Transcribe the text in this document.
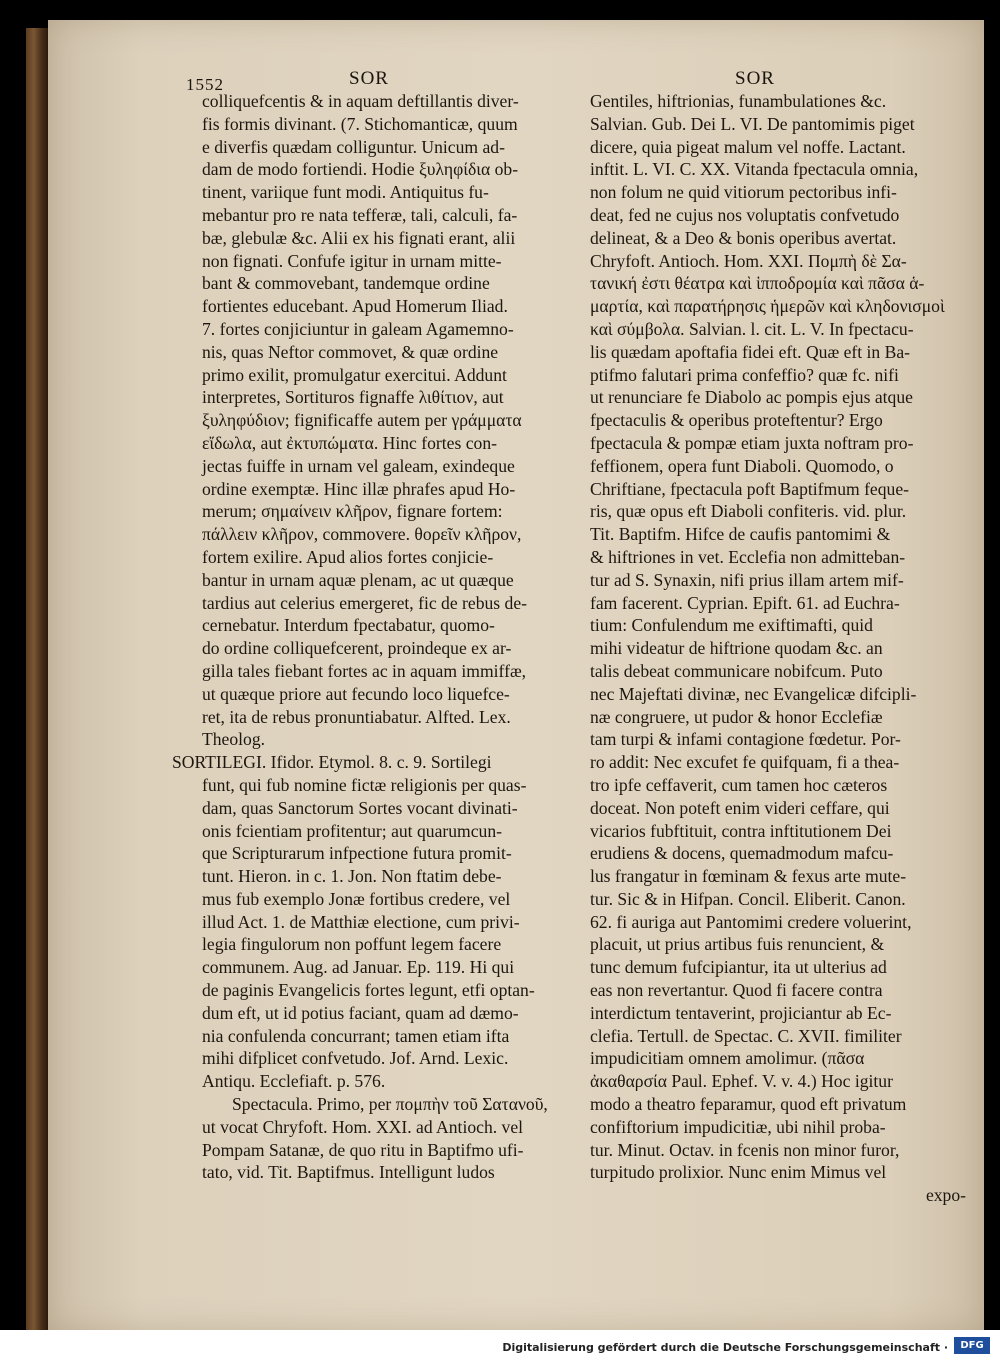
1552	SOR	SOR
colliquefcentis & in aquam deftillantis diver-
fis formis divinant. (7. Stichomanticæ, quum
e diverfis quædam colliguntur. Unicum ad-
dam de modo fortiendi. Hodie ξυληφίδια ob-
tinent, variique funt modi. Antiquitus fu-
mebantur pro re nata tefferæ, tali, calculi, fa-
bæ, glebulæ &c. Alii ex his fignati erant, alii
non fignati. Confufe igitur in urnam mitte-
bant & commovebant, tandemque ordine
fortientes educebant. Apud Homerum Iliad.
7. fortes conjiciuntur in galeam Agamemno-
nis, quas Neftor commovet, & quæ ordine
primo exilit, promulgatur exercitui. Addunt
interpretes, Sortituros fignaffe λιθίτιον, aut
ξυληφύδιον; fignificaffe autem per γράμματα
εἴδωλα, aut ἐκτυπώματα. Hinc fortes con-
jectas fuiffe in urnam vel galeam, exindeque
ordine exemptæ. Hinc illæ phrafes apud Ho-
merum; σημαίνειν κλῆρον, fignare fortem:
πάλλειν κλῆρον, commovere. θορεῖν κλῆρον,
fortem exilire. Apud alios fortes conjicie-
bantur in urnam aquæ plenam, ac ut quæque
tardius aut celerius emergeret, fic de rebus de-
cernebatur. Interdum fpectabatur, quomo-
do ordine colliquefcerent, proindeque ex ar-
gilla tales fiebant fortes ac in aquam immiffæ,
ut quæque priore aut fecundo loco liquefce-
ret, ita de rebus pronuntiabatur. Alfted. Lex.
Theolog.
SORTILEGI. Ifidor. Etymol. 8. c. 9. Sortilegi
funt, qui fub nomine fictæ religionis per quas-
dam, quas Sanctorum Sortes vocant divinati-
onis fcientiam profitentur; aut quarumcun-
que Scripturarum infpectione futura promit-
tunt. Hieron. in c. 1. Jon. Non ftatim debe-
mus fub exemplo Jonæ fortibus credere, vel
illud Act. 1. de Matthiæ electione, cum privi-
legia fingulorum non poffunt legem facere
communem. Aug. ad Januar. Ep. 119. Hi qui
de paginis Evangelicis fortes legunt, etfi optan-
dum eft, ut id potius faciant, quam ad dæmo-
nia confulenda concurrant; tamen etiam ifta
mihi difplicet confvetudo. Jof. Arnd. Lexic.
Antiqu. Ecclefiaft. p. 576.
Spectacula. Primo, per πομπὴν τοῦ Σατανοῦ,
ut vocat Chryfoft. Hom. XXI. ad Antioch. vel
Pompam Satanæ, de quo ritu in Baptifmo ufi-
tato, vid. Tit. Baptifmus. Intelligunt ludos
Gentiles, hiftrionias, funambulationes &c.
Salvian. Gub. Dei L. VI. De pantomimis piget
dicere, quia pigeat malum vel noffe. Lactant.
inftit. L. VI. C. XX. Vitanda fpectacula omnia,
non folum ne quid vitiorum pectoribus infi-
deat, fed ne cujus nos voluptatis confvetudo
delineat, & a Deo & bonis operibus avertat.
Chryfoft. Antioch. Hom. XXI. Πομπὴ δὲ Σα-
τανική ἐστι θέατρα καὶ ἱπποδρομία καὶ πᾶσα ἁ-
μαρτία, καὶ παρατήρησις ἡμερῶν καὶ κληδονισμοὶ
καὶ σύμβολα. Salvian. l. cit. L. V. In fpectacu-
lis quædam apoftafia fidei eft. Quæ eft in Ba-
ptifmo falutari prima confeffio? quæ fc. nifi
ut renunciare fe Diabolo ac pompis ejus atque
fpectaculis & operibus proteftentur? Ergo
fpectacula & pompæ etiam juxta noftram pro-
feffionem, opera funt Diaboli. Quomodo, o
Chriftiane, fpectacula poft Baptifmum feque-
ris, quæ opus eft Diaboli confiteris. vid. plur.
Tit. Baptifm. Hifce de caufis pantomimi &
& hiftriones in vet. Ecclefia non admitteban-
tur ad S. Synaxin, nifi prius illam artem mif-
fam facerent. Cyprian. Epift. 61. ad Euchra-
tium: Confulendum me exiftimafti, quid
mihi videatur de hiftrione quodam &c. an
talis debeat communicare nobifcum. Puto
nec Majeftati divinæ, nec Evangelicæ difcipli-
næ congruere, ut pudor & honor Ecclefiæ
tam turpi & infami contagione fœdetur. Por-
ro addit: Nec excufet fe quifquam, fi a thea-
tro ipfe ceffaverit, cum tamen hoc cæteros
doceat. Non poteft enim videri ceffare, qui
vicarios fubftituit, contra inftitutionem Dei
erudiens & docens, quemadmodum mafcu-
lus frangatur in fœminam & fexus arte mute-
tur. Sic & in Hifpan. Concil. Eliberit. Canon.
62. fi auriga aut Pantomimi credere voluerint,
placuit, ut prius artibus fuis renuncient, &
tunc demum fufcipiantur, ita ut ulterius ad
eas non revertantur. Quod fi facere contra
interdictum tentaverint, projiciantur ab Ec-
clefia. Tertull. de Spectac. C. XVII. fimiliter
impudicitiam omnem amolimur. (πᾶσα
ἀκαθαρσία Paul. Ephef. V. v. 4.) Hoc igitur
modo a theatro feparamur, quod eft privatum
confiftorium impudicitiæ, ubi nihil proba-
tur. Minut. Octav. in fcenis non minor furor,
turpitudo prolixior. Nunc enim Mimus vel
expo-
Digitalisierung gefördert durch die Deutsche Forschungsgemeinschaft ·	DFG
